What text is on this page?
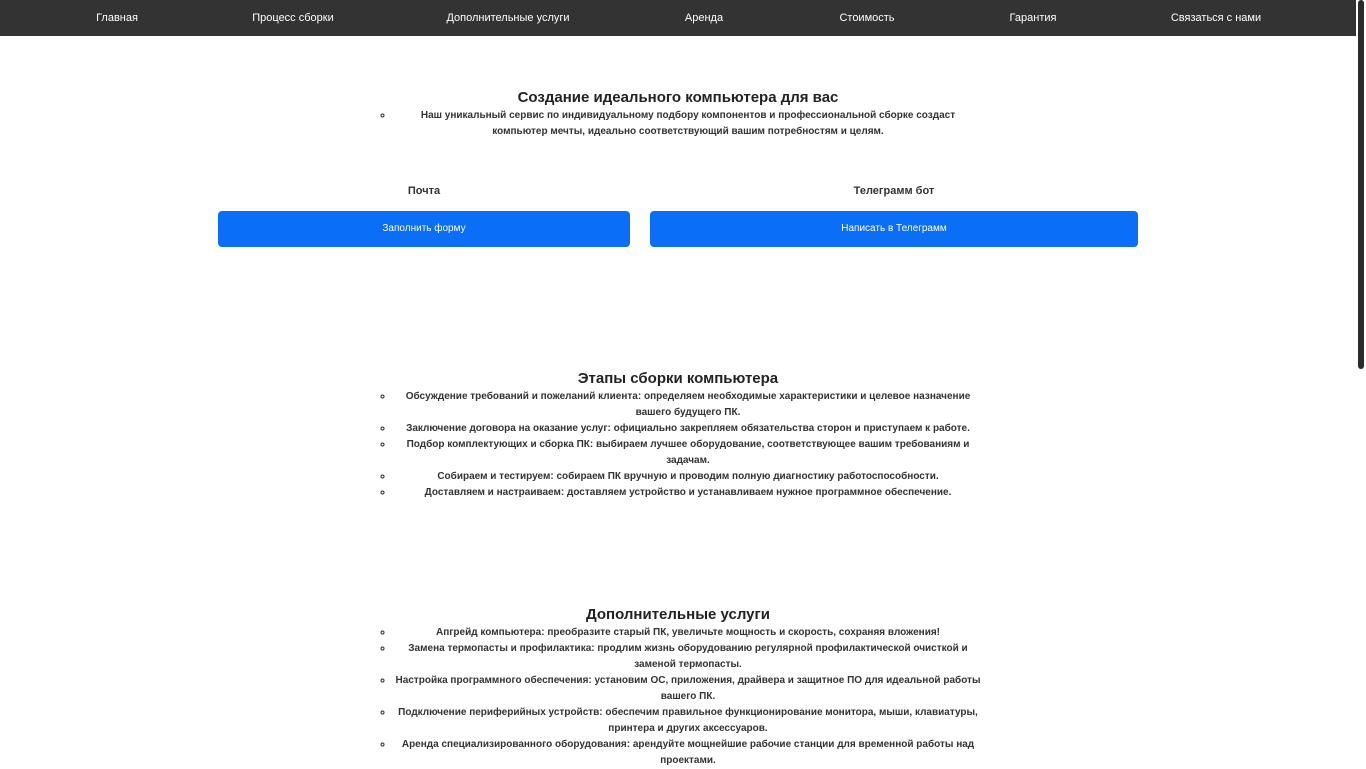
Главная	Процесс сборки	Дополнительные услуги	Аренда	Стоимость	Гарантия	Связаться с нами
Создание идеального компьютера для вас
◦ Наш уникальный сервис по индивидуальному подбору компонентов и профессиональной сборке создаст компьютер мечты, идеально соответствующий вашим потребностям и целям.
Почта
Заполнить форму
Телеграмм бот
Написать в Телеграмм
Этапы сборки компьютера
◦ Обсуждение требований и пожеланий клиента: определяем необходимые характеристики и целевое назначение вашего будущего ПК.
◦ Заключение договора на оказание услуг: официально закрепляем обязательства сторон и приступаем к работе.
◦ Подбор комплектующих и сборка ПК: выбираем лучшее оборудование, соответствующее вашим требованиям и задачам.
◦ Собираем и тестируем: собираем ПК вручную и проводим полную диагностику работоспособности.
◦ Доставляем и настраиваем: доставляем устройство и устанавливаем нужное программное обеспечение.
Дополнительные услуги
◦ Апгрейд компьютера: преобразите старый ПК, увеличьте мощность и скорость, сохраняя вложения!
◦ Замена термопасты и профилактика: продлим жизнь оборудованию регулярной профилактической очисткой и заменой термопасты.
◦ Настройка программного обеспечения: установим ОС, приложения, драйвера и защитное ПО для идеальной работы вашего ПК.
◦ Подключение периферийных устройств: обеспечим правильное функционирование монитора, мыши, клавиатуры, принтера и других аксессуаров.
◦ Аренда специализированного оборудования: арендуйте мощнейшие рабочие станции для временной работы над проектами.
